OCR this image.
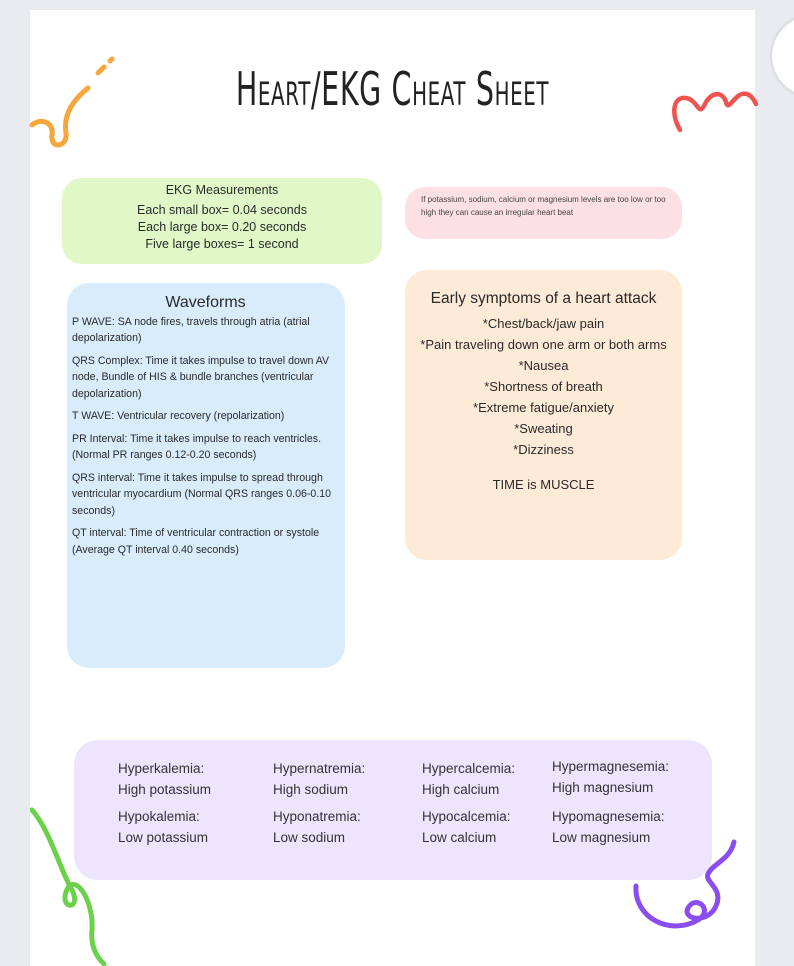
Heart/EKG Cheat Sheet
EKG Measurements
Each small box= 0.04 seconds
Each large box= 0.20 seconds
Five large boxes= 1 second
If potassium, sodium, calcium or magnesium levels are too low or too high they can cause an irregular heart beat
Waveforms

P WAVE: SA node fires, travels through atria (atrial depolarization)

QRS Complex: Time it takes impulse to travel down AV node, Bundle of HIS & bundle branches (ventricular depolarization)

T WAVE: Ventricular recovery (repolarization)

PR Interval: Time it takes impulse to reach ventricles. (Normal PR ranges 0.12-0.20 seconds)

QRS interval: Time it takes impulse to spread through ventricular myocardium (Normal QRS ranges 0.06-0.10 seconds)

QT interval: Time of ventricular contraction or systole (Average QT interval 0.40 seconds)

Early symptoms of a heart attack
*Chest/back/jaw pain
*Pain traveling down one arm or both arms
*Nausea
*Shortness of breath
*Extreme fatigue/anxiety
*Sweating
*Dizziness
TIME is MUSCLE
Hyperkalemia:
High potassium
Hypernatremia:
High sodium
Hypercalcemia:
High calcium
Hypermagnesemia:
High magnesium
Hypokalemia:
Low potassium
Hyponatremia:
Low sodium
Hypocalcemia:
Low calcium
Hypomagnesemia:
Low magnesium
